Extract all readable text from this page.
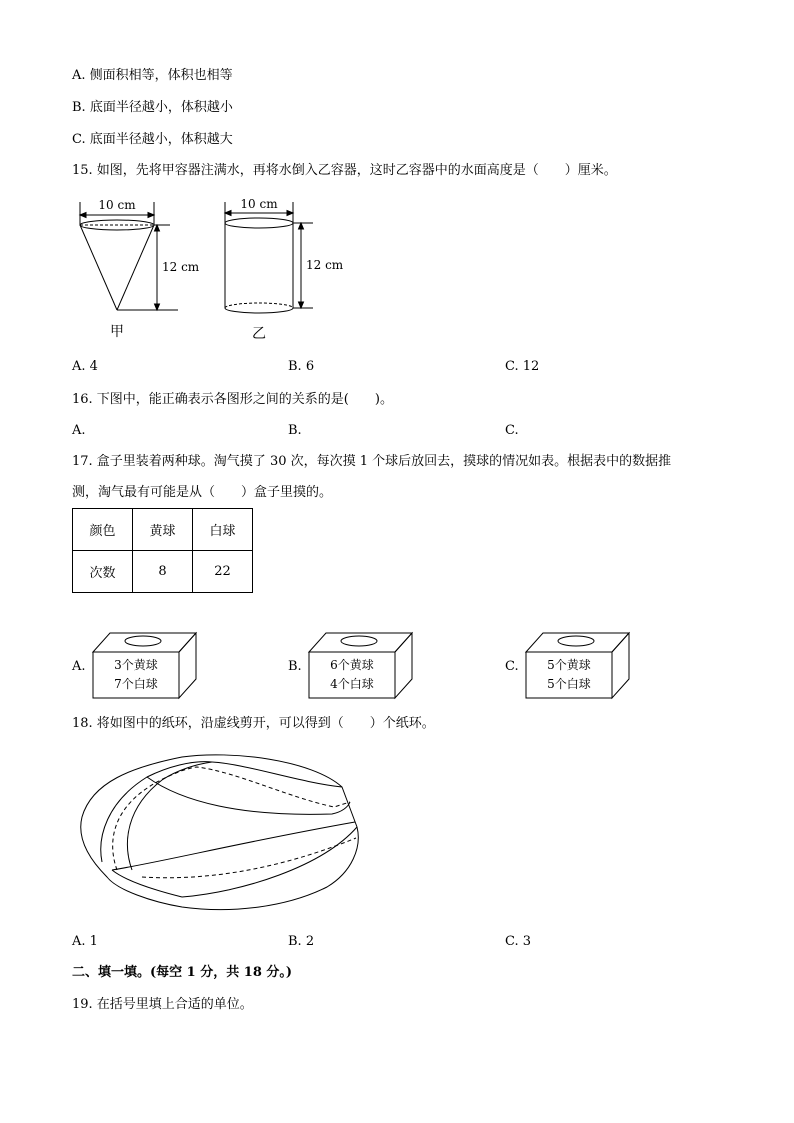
A. 侧面积相等，体积也相等
B. 底面半径越小，体积越小
C. 底面半径越小，体积越大
15. 如图，先将甲容器注满水，再将水倒入乙容器，这时乙容器中的水面高度是（　　）厘米。
10 cm
12 cm
甲
10 cm
12 cm
乙
A. 4	B. 6	C. 12
16. 下图中，能正确表示各图形之间的关系的是(　　)。
A.	B.	C.
17. 盒子里装着两种球。淘气摸了 30 次，每次摸 1 个球后放回去，摸球的情况如表。根据表中的数据推
测，淘气最有可能是从（　　）盒子里摸的。
颜色	黄球	白球
次数	8	22
A. 3个黄球
7个白球
B. 6个黄球
4个白球
C. 5个黄球
5个白球
18. 将如图中的纸环，沿虚线剪开，可以得到（　　）个纸环。
A. 1	B. 2	C. 3
二、填一填。(每空 1 分，共 18 分。)
19. 在括号里填上合适的单位。
